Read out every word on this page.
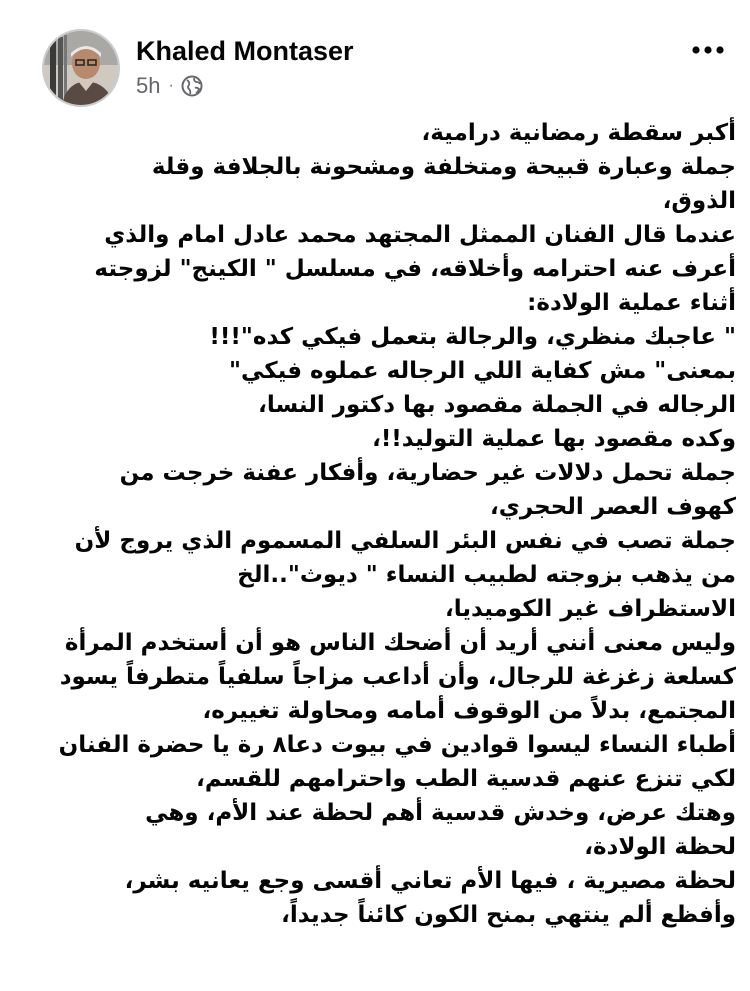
Khaled Montaser
5h ·
أكبر سقطة رمضانية درامية،
جملة وعبارة قبيحة ومتخلفة ومشحونة بالجلافة وقلة
الذوق،
عندما قال الفنان الممثل المجتهد محمد عادل امام والذي
أعرف عنه احترامه وأخلاقه، في مسلسل " الكينج" لزوجته
أثناء عملية الولادة:
" عاجبك منظري، والرجالة بتعمل فيكي كده"!!!
بمعنى" مش كفاية اللي الرجاله عملوه فيكي"
الرجاله في الجملة مقصود بها دكتور النسا،
وكده مقصود بها عملية التوليد!!،
جملة تحمل دلالات غير حضارية، وأفكار عفنة خرجت من
كهوف العصر الحجري،
جملة تصب في نفس البئر السلفي المسموم الذي يروج لأن
من يذهب بزوجته لطبيب النساء " ديوث"..الخ
الاستظراف غير الكوميديا،
وليس معنى أنني أريد أن أضحك الناس هو أن أستخدم المرأة
كسلعة زغزغة للرجال، وأن أداعب مزاجاً سلفياً متطرفاً يسود
المجتمع، بدلاً من الوقوف أمامه ومحاولة تغييره،
أطباء النساء ليسوا قوادين في بيوت دعا٨ رة يا حضرة الفنان
لكي تنزع عنهم قدسية الطب واحترامهم للقسم،
وهتك عرض، وخدش قدسية أهم لحظة عند الأم، وهي
لحظة الولادة،
لحظة مصيرية ، فيها الأم تعاني أقسى وجع يعانيه بشر،
وأفظع ألم ينتهي بمنح الكون كائناً جديداً،
